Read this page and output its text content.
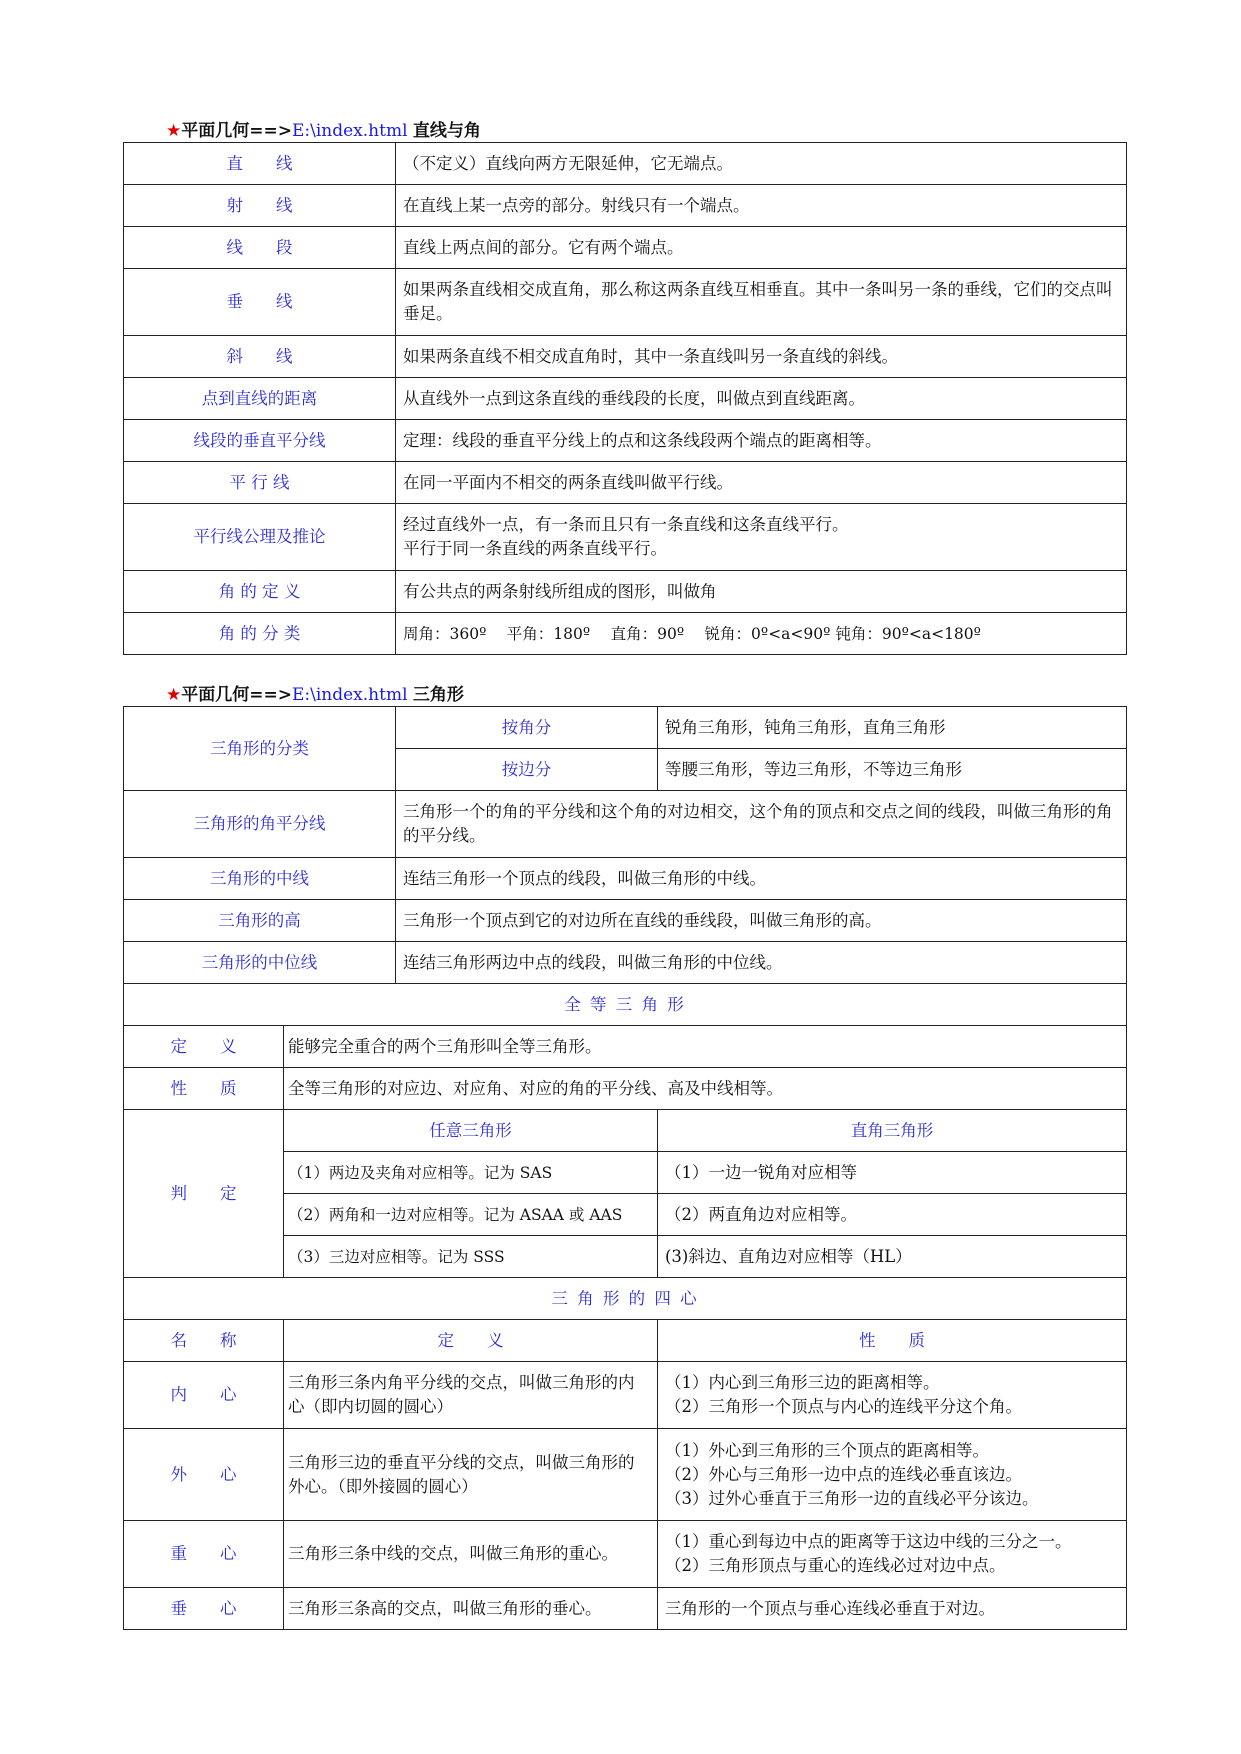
★平面几何==>E:\index.html 直线与角
直　　线	（不定义）直线向两方无限延伸，它无端点。
射　　线	在直线上某一点旁的部分。射线只有一个端点。
线　　段	直线上两点间的部分。它有两个端点。
垂　　线	如果两条直线相交成直角，那么称这两条直线互相垂直。其中一条叫另一条的垂线，它们的交点叫垂足。
斜　　线	如果两条直线不相交成直角时，其中一条直线叫另一条直线的斜线。
点到直线的距离	从直线外一点到这条直线的垂线段的长度，叫做点到直线距离。
线段的垂直平分线	定理：线段的垂直平分线上的点和这条线段两个端点的距离相等。
平 行 线	在同一平面内不相交的两条直线叫做平行线。
平行线公理及推论	经过直线外一点，有一条而且只有一条直线和这条直线平行。
平行于同一条直线的两条直线平行。
角 的 定 义	有公共点的两条射线所组成的图形，叫做角
角 的 分 类	周角：360º　 平角：180º　 直角：90º　 锐角：0º<a<90º 钝角：90º<a<180º
★平面几何==>E:\index.html 三角形
三角形的分类		按角分	锐角三角形，钝角三角形，直角三角形
		按边分	等腰三角形，等边三角形，不等边三角形
三角形的角平分线		三角形一个的角的平分线和这个角的对边相交，这个角的顶点和交点之间的线段，叫做三角形的角的平分线。	
三角形的中线		连结三角形一个顶点的线段，叫做三角形的中线。	
三角形的高		三角形一个顶点到它的对边所在直线的垂线段，叫做三角形的高。	
三角形的中位线		连结三角形两边中点的线段，叫做三角形的中位线。	
全 等 三 角 形			
定　　义	能够完全重合的两个三角形叫全等三角形。		
性　　质	全等三角形的对应边、对应角、对应的角的平分线、高及中线相等。		
判　　定	任意三角形		直角三角形
	（1）两边及夹角对应相等。记为 SAS		（1）一边一锐角对应相等
	（2）两角和一边对应相等。记为 ASAA 或 AAS		（2）两直角边对应相等。
	（3）三边对应相等。记为 SSS		(3)斜边、直角边对应相等（HL）
三 角 形 的 四 心			
名　　称	定　　义		性　　质
内　　心	三角形三条内角平分线的交点，叫做三角形的内心（即内切圆的圆心）		（1）内心到三角形三边的距离相等。
（2）三角形一个顶点与内心的连线平分这个角。
外　　心	三角形三边的垂直平分线的交点，叫做三角形的外心。（即外接圆的圆心）		（1）外心到三角形的三个顶点的距离相等。
（2）外心与三角形一边中点的连线必垂直该边。
（3）过外心垂直于三角形一边的直线必平分该边。
重　　心	三角形三条中线的交点，叫做三角形的重心。		（1）重心到每边中点的距离等于这边中线的三分之一。
（2）三角形顶点与重心的连线必过对边中点。
垂　　心	三角形三条高的交点，叫做三角形的垂心。		三角形的一个顶点与垂心连线必垂直于对边。
